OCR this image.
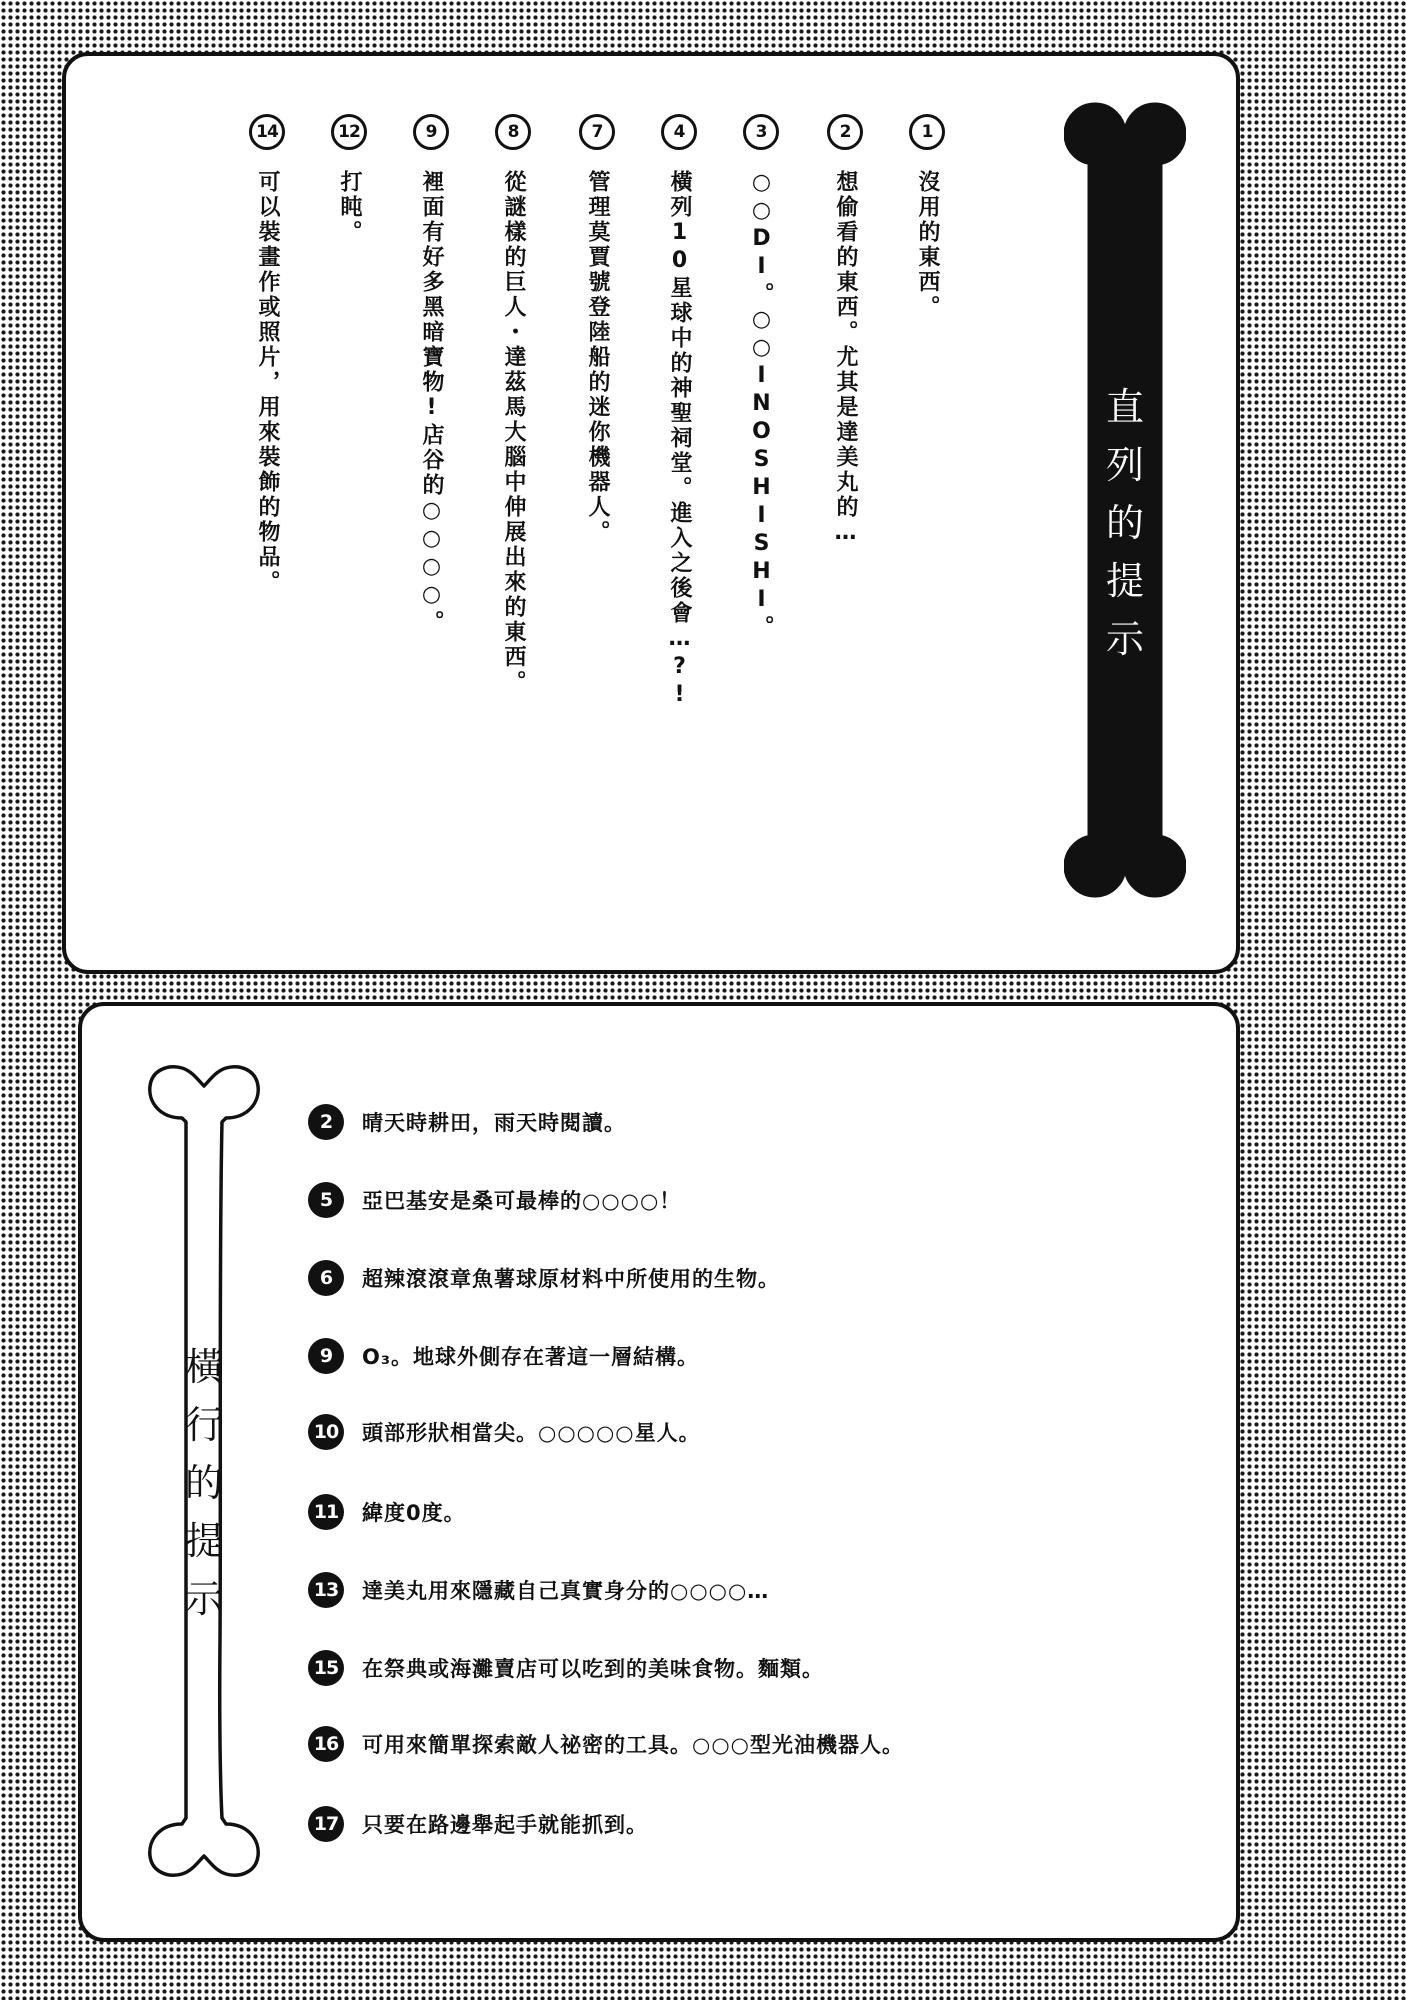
1
沒用的東西。
2
想偷看的東西。尤其是達美丸的…
3
○○DI。○○INOSHISHI。
4
橫列10星球中的神聖祠堂。進入之後會…?!
7
管理莫賈號登陸船的迷你機器人。
8
從謎樣的巨人・達茲馬大腦中伸展出來的東西。
9
裡面有好多黑暗寶物!店谷的○○○○。
12
打盹。
14
可以裝畫作或照片，用來裝飾的物品。	直
列
的
提
示
橫
行
的
提
示
2	晴天時耕田，雨天時閱讀。
5	亞巴基安是桑可最棒的○○○○！
6	超辣滾滾章魚薯球原材料中所使用的生物。
9	O₃。地球外側存在著這一層結構。
10 頭部形狀相當尖。○○○○○星人。
11 緯度0度。
13 達美丸用來隱藏自己真實身分的○○○○…
15 在祭典或海灘賣店可以吃到的美味食物。麵類。
16 可用來簡單探索敵人祕密的工具。○○○型光油機器人。
17 只要在路邊舉起手就能抓到。
